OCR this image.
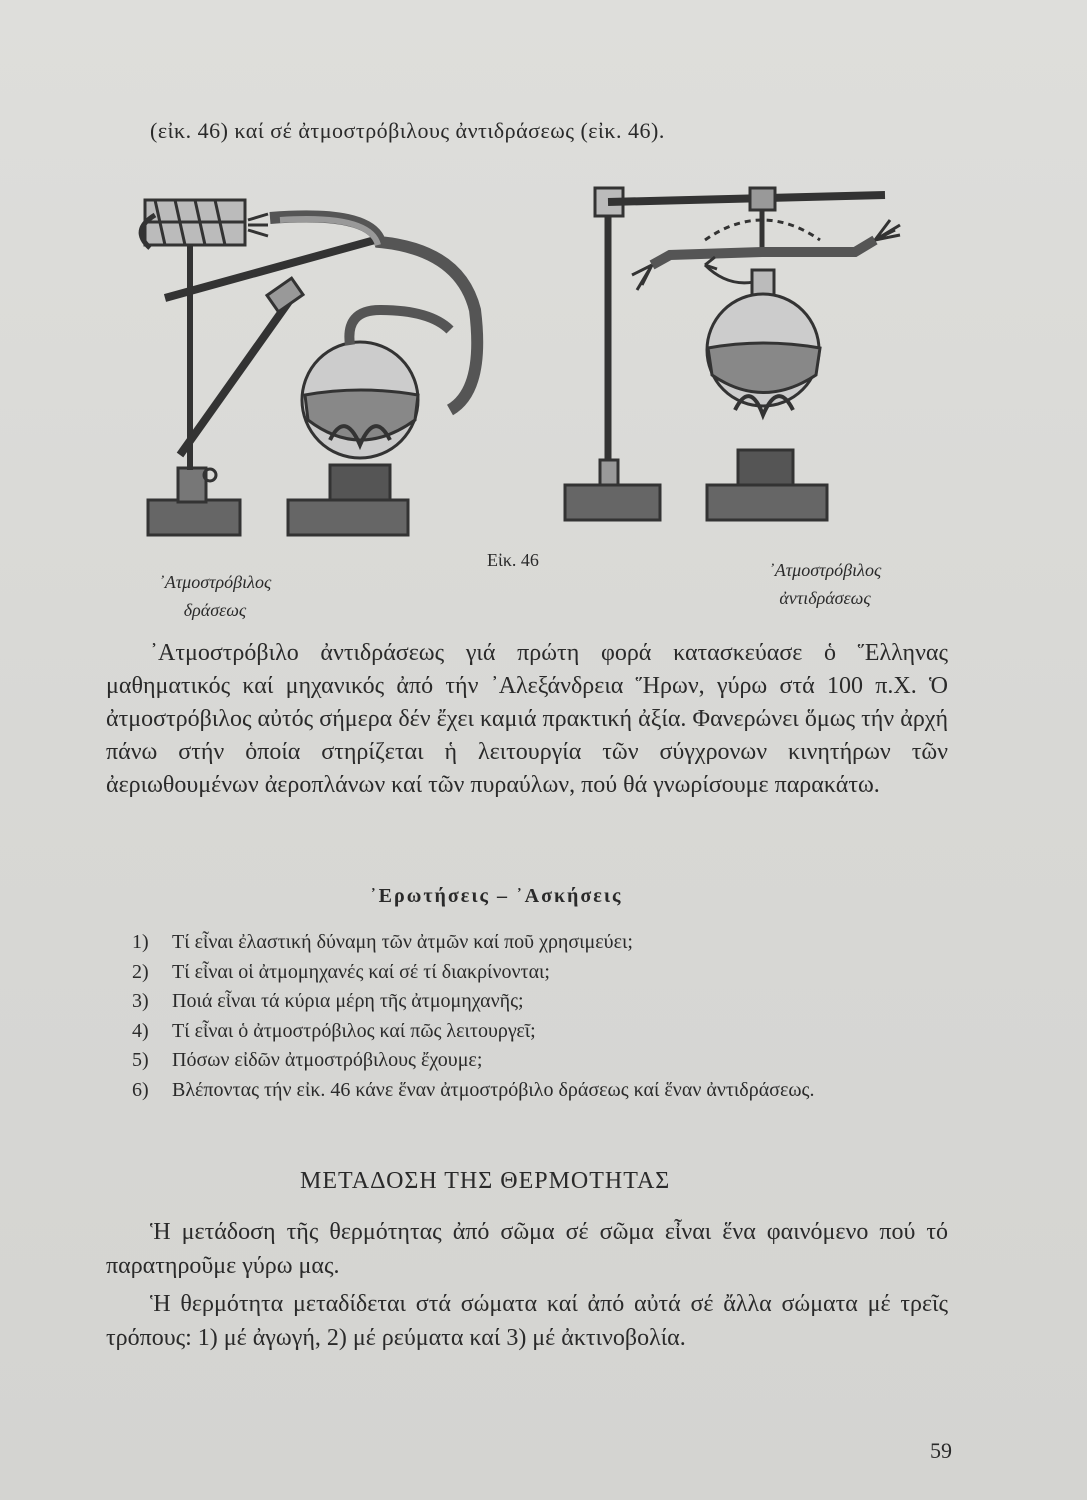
(εἰκ. 46) καί σέ ἀτμοστρόβιλους ἀντιδράσεως (εἰκ. 46).
Εἰκ. 46
᾿Ατμοστρόβιλος
δράσεως
᾿Ατμοστρόβιλος
ἀντιδράσεως

᾿Ατμοστρόβιλο ἀντιδράσεως γιά πρώτη φορά κατασκεύασε ὁ Ἕλληνας μαθηματικός καί μηχανικός ἀπό τήν ᾿Αλεξάνδρεια Ἥρων, γύρω στά 100 π.Χ. Ὁ ἀτμοστρόβιλος αὐτός σήμερα δέν ἔχει καμιά πρακτική ἀξία. Φανερώνει ὅμως τήν ἀρχή πάνω στήν ὁποία στηρίζεται ἡ λειτουργία τῶν σύγχρονων κινητήρων τῶν ἀεριωθουμένων ἀεροπλάνων καί τῶν πυραύλων, πού θά γνωρίσουμε παρακάτω.

᾿Ερωτήσεις – ᾿Ασκήσεις
1)	Τί εἶναι ἐλαστική δύναμη τῶν ἀτμῶν καί ποῦ χρησιμεύει;
2)	Τί εἶναι οἱ ἀτμομηχανές καί σέ τί διακρίνονται;
3)	Ποιά εἶναι τά κύρια μέρη τῆς ἀτμομηχανῆς;
4)	Τί εἶναι ὁ ἀτμοστρόβιλος καί πῶς λειτουργεῖ;
5)	Πόσων εἰδῶν ἀτμοστρόβιλους ἔχουμε;
6)	Βλέποντας τήν εἰκ. 46 κάνε ἕναν ἀτμοστρόβιλο δράσεως καί ἕναν ἀντιδράσεως.
ΜΕΤΑΔΟΣΗ ΤΗΣ ΘΕΡΜΟΤΗΤΑΣ

Ἡ μετάδοση τῆς θερμότητας ἀπό σῶμα σέ σῶμα εἶναι ἕνα φαινόμενο πού τό παρατηροῦμε γύρω μας.

Ἡ θερμότητα μεταδίδεται στά σώματα καί ἀπό αὐτά σέ ἄλλα σώματα μέ τρεῖς τρόπους: 1) μέ ἀγωγή, 2) μέ ρεύματα καί 3) μέ ἀκτινοβολία.

59
